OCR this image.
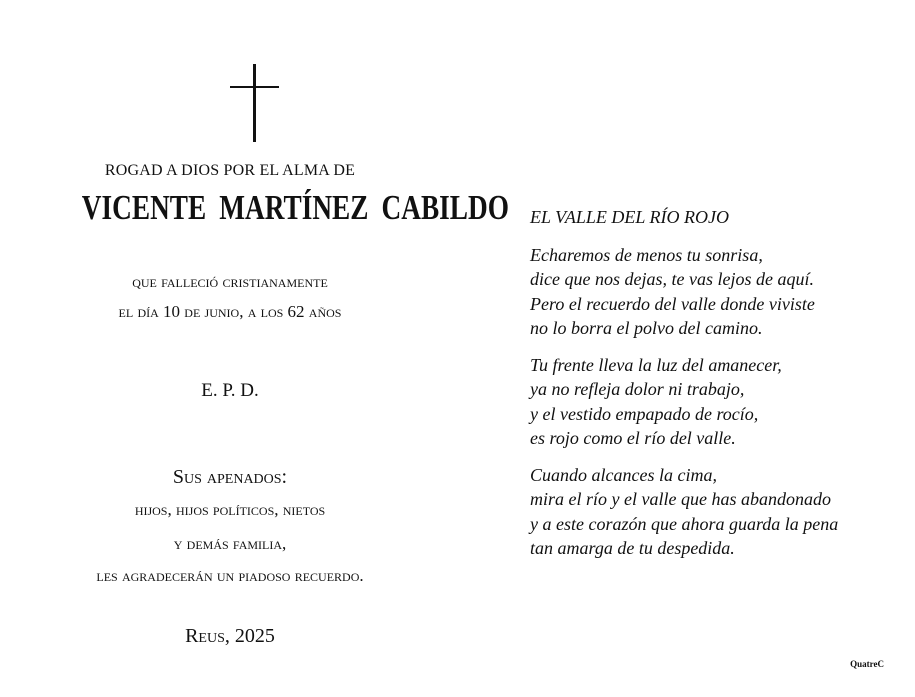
ROGAD A DIOS POR EL ALMA DE
VICENTE MARTÍNEZ CABILDO
que falleció cristianamente
el día 10 de junio, a los 62 años
E. P. D.
Sus apenados:
hijos, hijos políticos, nietos
y demás familia,
les agradecerán un piadoso recuerdo.
Reus, 2025
EL VALLE DEL RÍO ROJO
Echaremos de menos tu sonrisa,
dice que nos dejas, te vas lejos de aquí.
Pero el recuerdo del valle donde viviste
no lo borra el polvo del camino.
Tu frente lleva la luz del amanecer,
ya no refleja dolor ni trabajo,
y el vestido empapado de rocío,
es rojo como el río del valle.
Cuando alcances la cima,
mira el río y el valle que has abandonado
y a este corazón que ahora guarda la pena
tan amarga de tu despedida.
QuatreC
